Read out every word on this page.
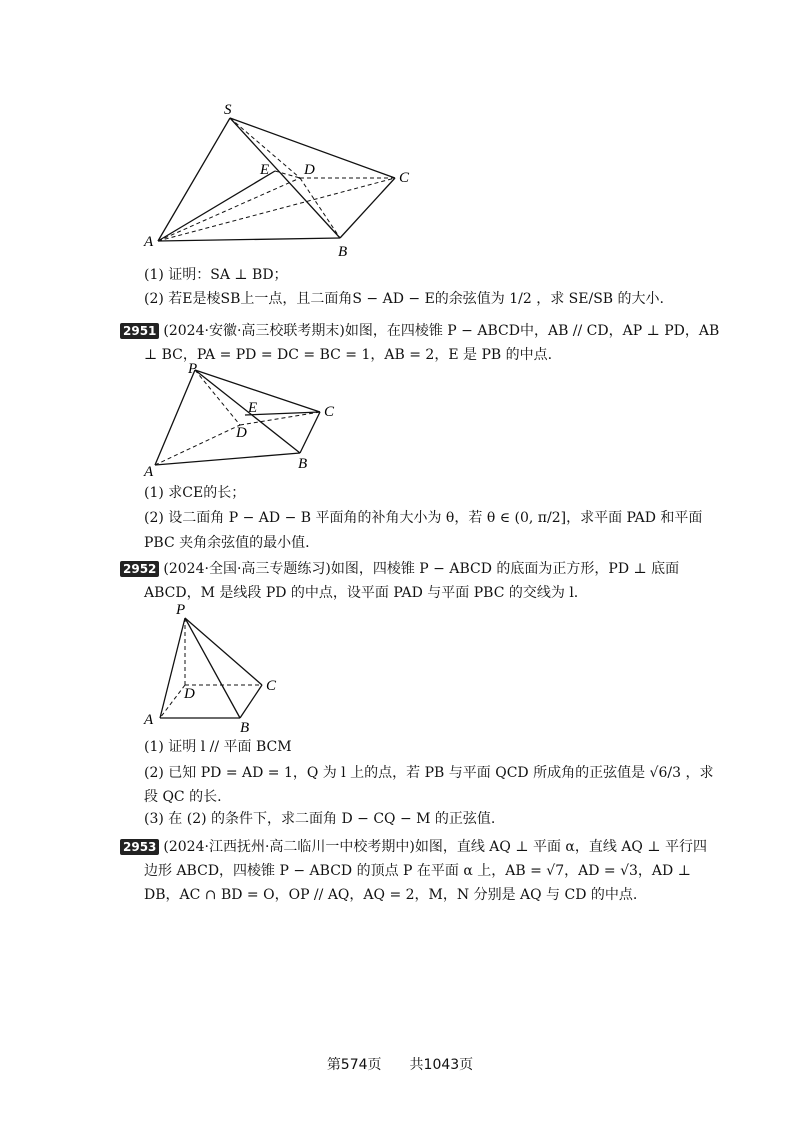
S
E D	C
A
B
(1) 证明：SA ⊥ BD；
(2) 若E是棱SB上一点，且二面角S − AD − E的余弦值为 1/2 ，求 SE/SB 的大小.
2951 (2024·安徽·高三校联考期末)如图，在四棱锥 P − ABCD中，AB // CD，AP ⊥ PD，AB
⊥ BC，PA = PD = DC = BC = 1，AB = 2，E 是 PB 的中点.
P
E	C
D
A	B
(1) 求CE的长；
(2) 设二面角 P − AD − B 平面角的补角大小为 θ，若 θ ∈ (0, π/2]，求平面 PAD 和平面
PBC 夹角余弦值的最小值.
2952 (2024·全国·高三专题练习)如图，四棱锥 P − ABCD 的底面为正方形，PD ⊥ 底面
ABCD，M 是线段 PD 的中点，设平面 PAD 与平面 PBC 的交线为 l.
P
D	C
A	B
(1) 证明 l // 平面 BCM
(2) 已知 PD = AD = 1，Q 为 l 上的点，若 PB 与平面 QCD 所成角的正弦值是 √6/3 ，求
段 QC 的长.
(3) 在 (2) 的条件下，求二面角 D − CQ − M 的正弦值.
2953 (2024·江西抚州·高二临川一中校考期中)如图，直线 AQ ⊥ 平面 α，直线 AQ ⊥ 平行四
边形 ABCD，四棱锥 P − ABCD 的顶点 P 在平面 α 上，AB = √7，AD = √3，AD ⊥
DB，AC ∩ BD = O，OP // AQ，AQ = 2，M，N 分别是 AQ 与 CD 的中点.
第574页　　共1043页
